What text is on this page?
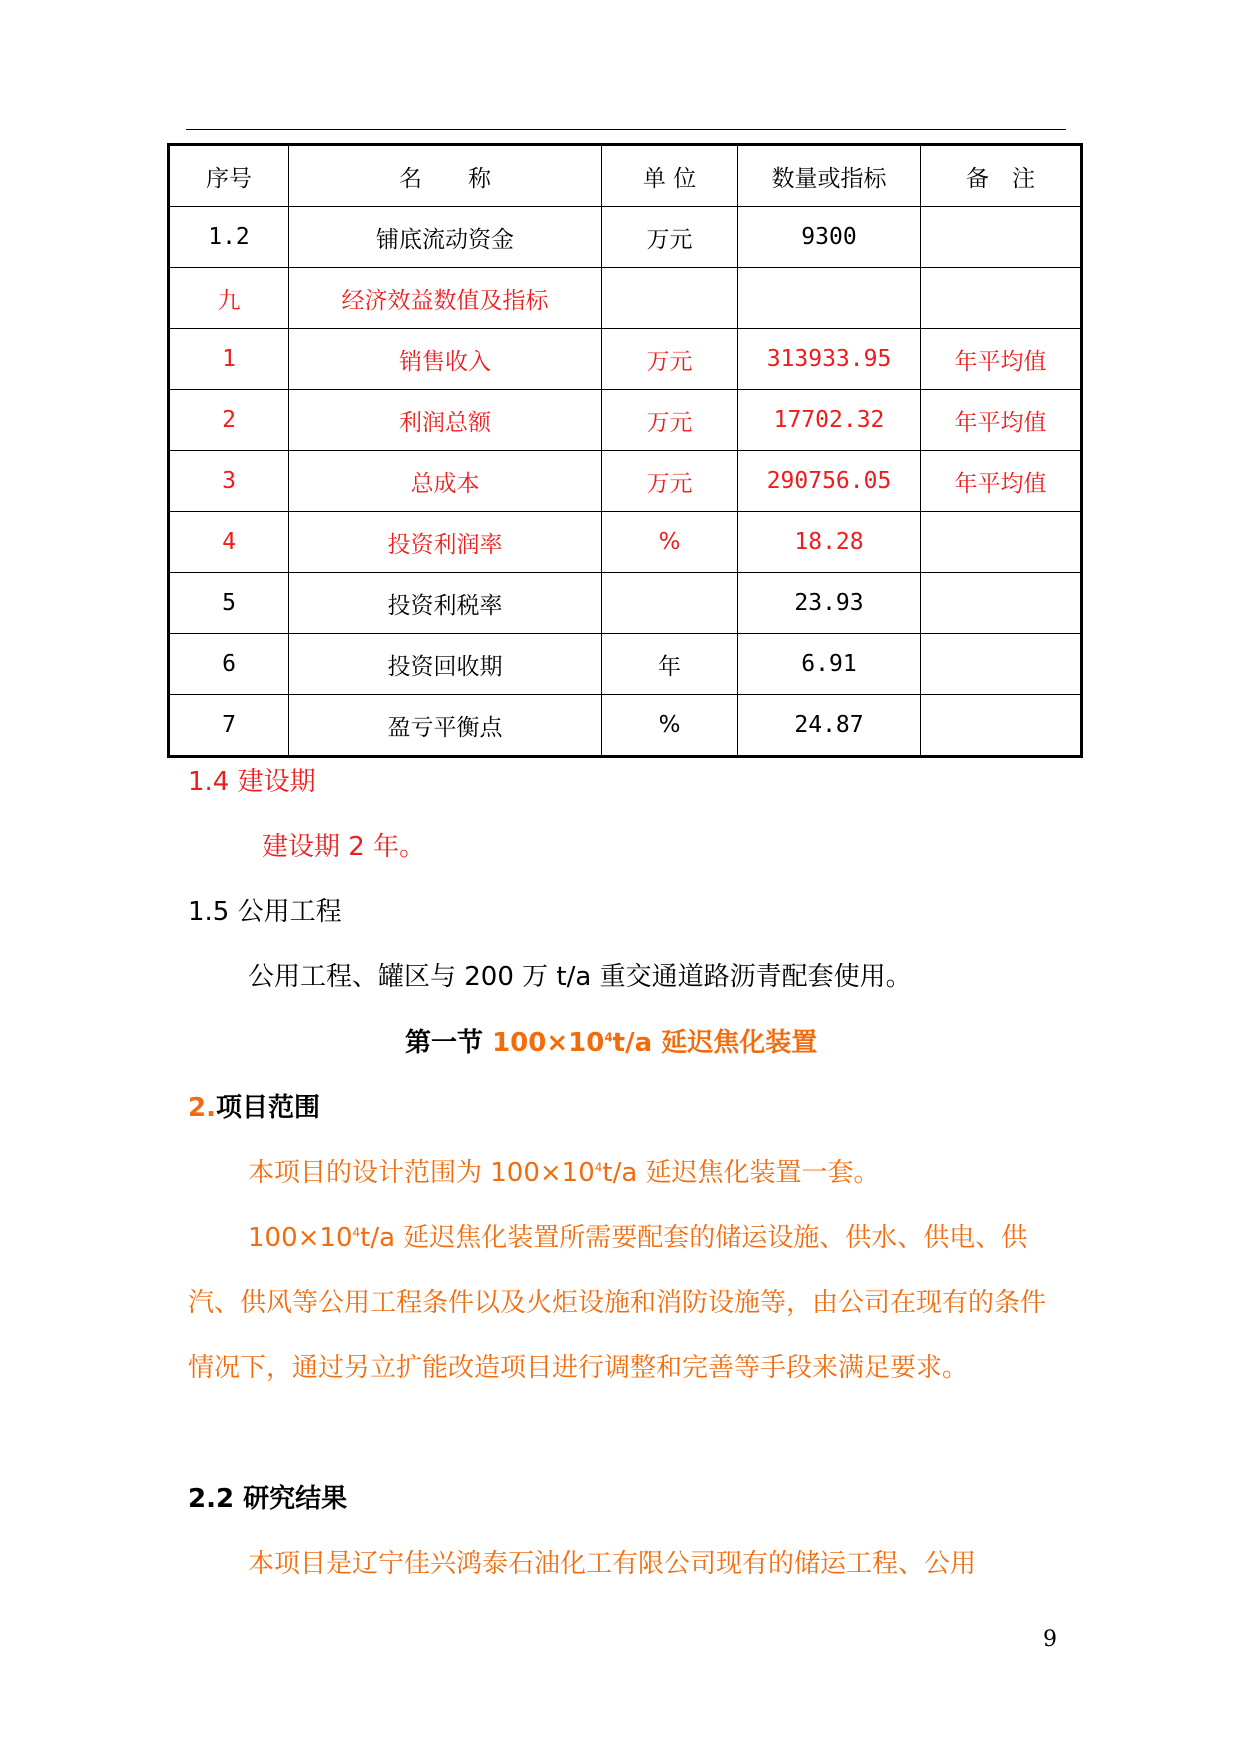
序号	名　　称	单 位	数量或指标	备　注
1.2	铺底流动资金	万元	9300	
九	经济效益数值及指标			
1	销售收入	万元	313933.95	年平均值
2	利润总额	万元	17702.32	年平均值
3	总成本	万元	290756.05	年平均值
4	投资利润率	%	18.28	
5	投资利税率		23.93	
6	投资回收期	年	6.91	
7	盈亏平衡点	%	24.87	
1.4 建设期
建设期 2 年。
1.5 公用工程
公用工程、罐区与 200 万 t/a 重交通道路沥青配套使用。
第一节 $100\times 10^4t/a$ 延迟焦化装置
2.项目范围
本项目的设计范围为 $100\times 10^4t/a$ 延迟焦化装置一套。
$100\times 10^4t/a$ 延迟焦化装置所需要配套的储运设施、供水、供电、供汽、供风等公用工程条件以及火炬设施和消防设施等，由公司在现有的条件情况下，通过另立扩能改造项目进行调整和完善等手段来满足要求。
2.2 研究结果
本项目是辽宁佳兴鸿泰石油化工有限公司现有的储运工程、公用
9
